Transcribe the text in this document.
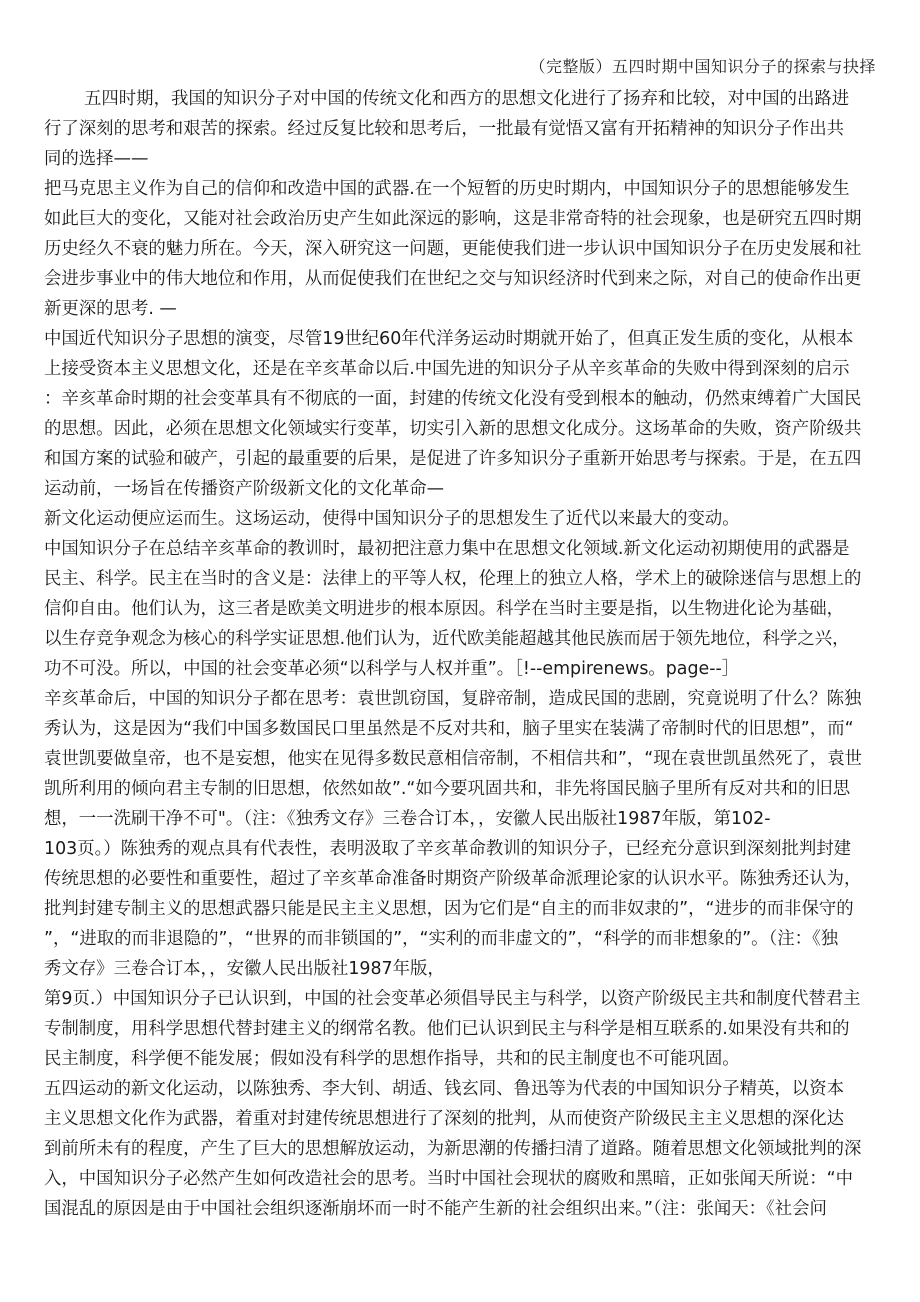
（完整版）五四时期中国知识分子的探索与抉择
五四时期，我国的知识分子对中国的传统文化和西方的思想文化进行了扬弃和比较，对中国的出路进
行了深刻的思考和艰苦的探索。经过反复比较和思考后，一批最有觉悟又富有开拓精神的知识分子作出共
同的选择——
把马克思主义作为自己的信仰和改造中国的武器.在一个短暂的历史时期内，中国知识分子的思想能够发生
如此巨大的变化，又能对社会政治历史产生如此深远的影响，这是非常奇特的社会现象，也是研究五四时期
历史经久不衰的魅力所在。今天，深入研究这一问题，更能使我们进一步认识中国知识分子在历史发展和社
会进步事业中的伟大地位和作用，从而促使我们在世纪之交与知识经济时代到来之际，对自己的使命作出更
新更深的思考. —
中国近代知识分子思想的演变，尽管19世纪60年代洋务运动时期就开始了，但真正发生质的变化，从根本
上接受资本主义思想文化，还是在辛亥革命以后.中国先进的知识分子从辛亥革命的失败中得到深刻的启示
：辛亥革命时期的社会变革具有不彻底的一面，封建的传统文化没有受到根本的触动，仍然束缚着广大国民
的思想。因此，必须在思想文化领域实行变革，切实引入新的思想文化成分。这场革命的失败，资产阶级共
和国方案的试验和破产，引起的最重要的后果，是促进了许多知识分子重新开始思考与探索。于是，在五四
运动前，一场旨在传播资产阶级新文化的文化革命—
新文化运动便应运而生。这场运动，使得中国知识分子的思想发生了近代以来最大的变动。
中国知识分子在总结辛亥革命的教训时，最初把注意力集中在思想文化领域.新文化运动初期使用的武器是
民主、科学。民主在当时的含义是：法律上的平等人权，伦理上的独立人格，学术上的破除迷信与思想上的
信仰自由。他们认为，这三者是欧美文明进步的根本原因。科学在当时主要是指，以生物进化论为基础，
以生存竞争观念为核心的科学实证思想.他们认为，近代欧美能超越其他民族而居于领先地位，科学之兴，
功不可没。所以，中国的社会变革必须“以科学与人权并重”。［!--empirenews。page--］
辛亥革命后，中国的知识分子都在思考：袁世凯窃国，复辟帝制，造成民国的悲剧，究竟说明了什么？陈独
秀认为，这是因为“我们中国多数国民口里虽然是不反对共和，脑子里实在装满了帝制时代的旧思想”，而“
袁世凯要做皇帝，也不是妄想，他实在见得多数民意相信帝制，不相信共和”，“现在袁世凯虽然死了，袁世
凯所利用的倾向君主专制的旧思想，依然如故”.“如今要巩固共和，非先将国民脑子里所有反对共和的旧思
想，一一洗刷干净不可"。（注：《独秀文存》三卷合订本，，安徽人民出版社1987年版，第102-
103页。）陈独秀的观点具有代表性，表明汲取了辛亥革命教训的知识分子，已经充分意识到深刻批判封建
传统思想的必要性和重要性，超过了辛亥革命准备时期资产阶级革命派理论家的认识水平。陈独秀还认为，
批判封建专制主义的思想武器只能是民主主义思想，因为它们是“自主的而非奴隶的”，“进步的而非保守的
”，“进取的而非退隐的”，“世界的而非锁国的”，“实利的而非虚文的”，“科学的而非想象的”。（注：《独
秀文存》三卷合订本，，安徽人民出版社1987年版，
第9页.）中国知识分子已认识到，中国的社会变革必须倡导民主与科学，以资产阶级民主共和制度代替君主
专制制度，用科学思想代替封建主义的纲常名教。他们已认识到民主与科学是相互联系的.如果没有共和的
民主制度，科学便不能发展；假如没有科学的思想作指导，共和的民主制度也不可能巩固。
五四运动的新文化运动，以陈独秀、李大钊、胡适、钱玄同、鲁迅等为代表的中国知识分子精英，以资本
主义思想文化作为武器，着重对封建传统思想进行了深刻的批判，从而使资产阶级民主主义思想的深化达
到前所未有的程度，产生了巨大的思想解放运动，为新思潮的传播扫清了道路。随着思想文化领域批判的深
入，中国知识分子必然产生如何改造社会的思考。当时中国社会现状的腐败和黑暗，正如张闻天所说：“中
国混乱的原因是由于中国社会组织逐渐崩坏而一时不能产生新的社会组织出来。”（注：张闻天：《社会问
